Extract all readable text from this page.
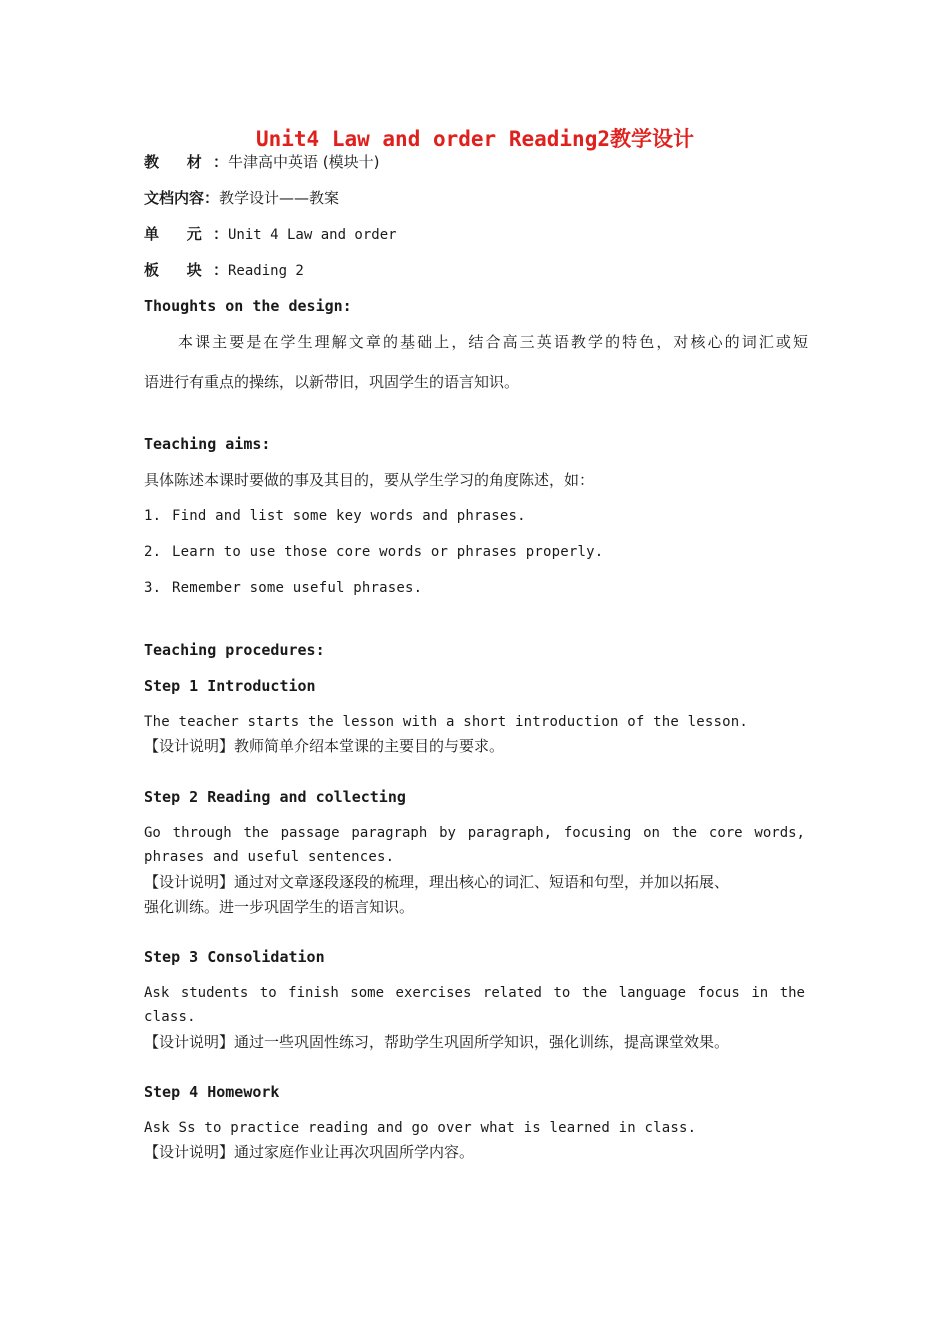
Unit4 Law and order Reading2教学设计
教 材：牛津高中英语 (模块十)
文档内容：教学设计——教案
单 元：Unit 4 Law and order
板 块：Reading 2
Thoughts on the design:
本课主要是在学生理解文章的基础上，结合高三英语教学的特色，对核心的词汇或短
语进行有重点的操练，以新带旧，巩固学生的语言知识。
Teaching aims:
具体陈述本课时要做的事及其目的，要从学生学习的角度陈述，如：
1. Find and list some key words and phrases.
2. Learn to use those core words or phrases properly.
3. Remember some useful phrases.
Teaching procedures:
Step 1 Introduction
The teacher starts the lesson with a short introduction of the lesson.
【设计说明】教师简单介绍本堂课的主要目的与要求。
Step 2 Reading and collecting
Go through the passage paragraph by paragraph, focusing on the core words,
phrases and useful sentences.
【设计说明】通过对文章逐段逐段的梳理，理出核心的词汇、短语和句型，并加以拓展、
强化训练。进一步巩固学生的语言知识。
Step 3 Consolidation
Ask students to finish some exercises related to the language focus in the
class.
【设计说明】通过一些巩固性练习，帮助学生巩固所学知识，强化训练，提高课堂效果。
Step 4 Homework
Ask Ss to practice reading and go over what is learned in class.
【设计说明】通过家庭作业让再次巩固所学内容。
